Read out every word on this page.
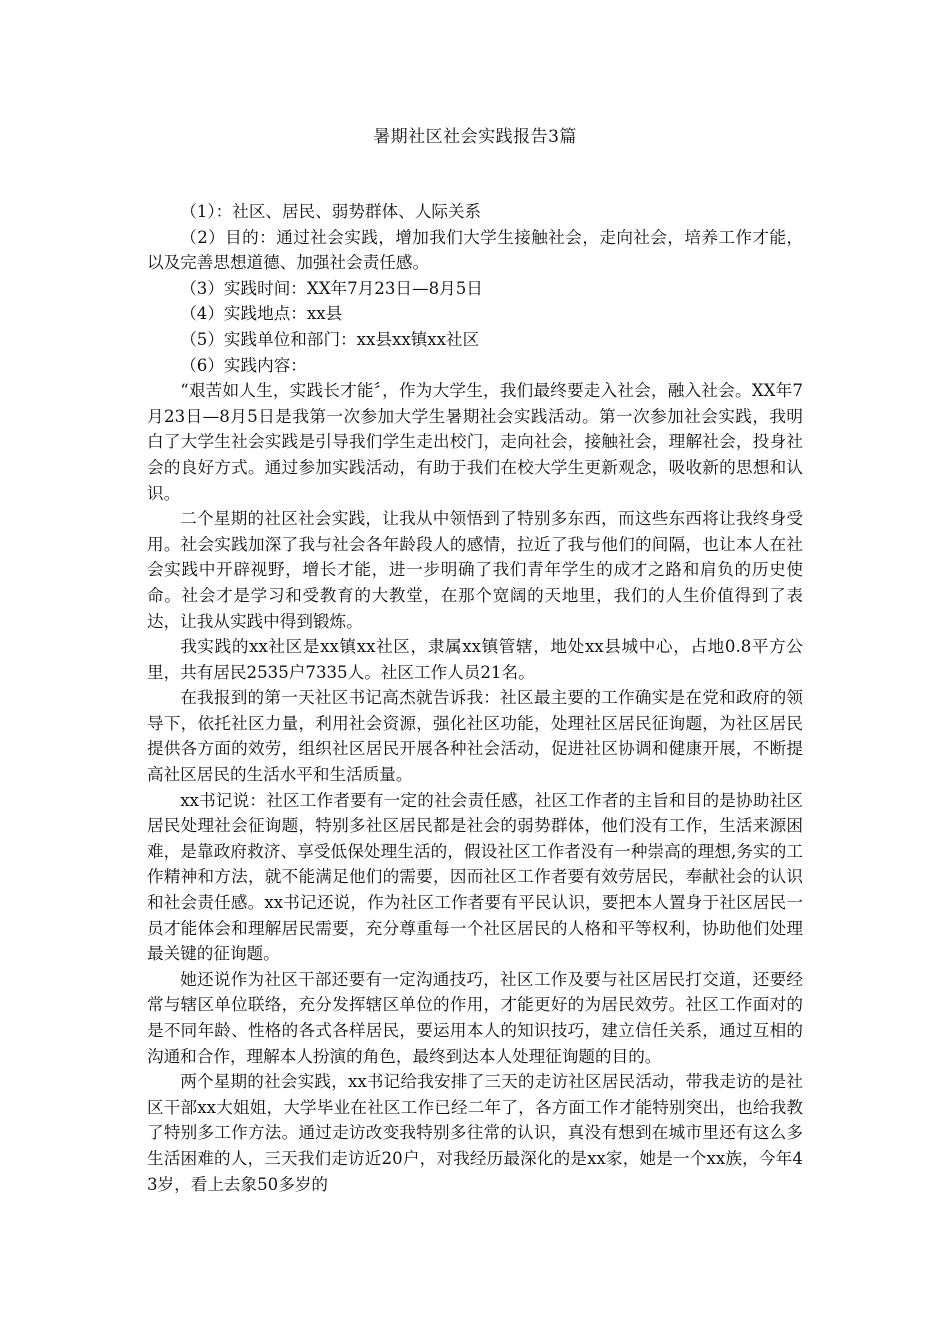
暑期社区社会实践报告3篇

（1）：社区、居民、弱势群体、人际关系

（2）目的：通过社会实践，增加我们大学生接触社会，走向社会，培养工作才能，以及完善思想道德、加强社会责任感。

（3）实践时间：XX年7月23日—8月5日

（4）实践地点：xx县

（5）实践单位和部门：xx县xx镇xx社区

（6）实践内容：

“艰苦如人生，实践长才能〞，作为大学生，我们最终要走入社会，融入社会。XX年7月23日—8月5日是我第一次参加大学生暑期社会实践活动。第一次参加社会实践，我明白了大学生社会实践是引导我们学生走出校门，走向社会，接触社会，理解社会，投身社会的良好方式。通过参加实践活动，有助于我们在校大学生更新观念，吸收新的思想和认识。

二个星期的社区社会实践，让我从中领悟到了特别多东西，而这些东西将让我终身受用。社会实践加深了我与社会各年龄段人的感情，拉近了我与他们的间隔，也让本人在社会实践中开辟视野，增长才能，进一步明确了我们青年学生的成才之路和肩负的历史使命。社会才是学习和受教育的大教堂，在那个宽阔的天地里，我们的人生价值得到了表达，让我从实践中得到锻炼。

我实践的xx社区是xx镇xx社区，隶属xx镇管辖，地处xx县城中心，占地0.8平方公里，共有居民2535户7335人。社区工作人员21名。

在我报到的第一天社区书记高杰就告诉我：社区最主要的工作确实是在党和政府的领导下，依托社区力量，利用社会资源，强化社区功能，处理社区居民征询题，为社区居民提供各方面的效劳，组织社区居民开展各种社会活动，促进社区协调和健康开展，不断提高社区居民的生活水平和生活质量。

xx书记说：社区工作者要有一定的社会责任感，社区工作者的主旨和目的是协助社区居民处理社会征询题，特别多社区居民都是社会的弱势群体，他们没有工作，生活来源困难，是靠政府救济、享受低保处理生活的，假设社区工作者没有一种崇高的理想,务实的工作精神和方法，就不能满足他们的需要，因而社区工作者要有效劳居民，奉献社会的认识和社会责任感。xx书记还说，作为社区工作者要有平民认识，要把本人置身于社区居民一员才能体会和理解居民需要，充分尊重每一个社区居民的人格和平等权利，协助他们处理最关键的征询题。

她还说作为社区干部还要有一定沟通技巧，社区工作及要与社区居民打交道，还要经常与辖区单位联络，充分发挥辖区单位的作用，才能更好的为居民效劳。社区工作面对的是不同年龄、性格的各式各样居民，要运用本人的知识技巧，建立信任关系，通过互相的沟通和合作，理解本人扮演的角色，最终到达本人处理征询题的目的。

两个星期的社会实践，xx书记给我安排了三天的走访社区居民活动，带我走访的是社区干部xx大姐姐，大学毕业在社区工作已经二年了，各方面工作才能特别突出，也给我教了特别多工作方法。通过走访改变我特别多往常的认识，真没有想到在城市里还有这么多生活困难的人，三天我们走访近20户，对我经历最深化的是xx家，她是一个xx族，今年43岁，看上去象50多岁的
